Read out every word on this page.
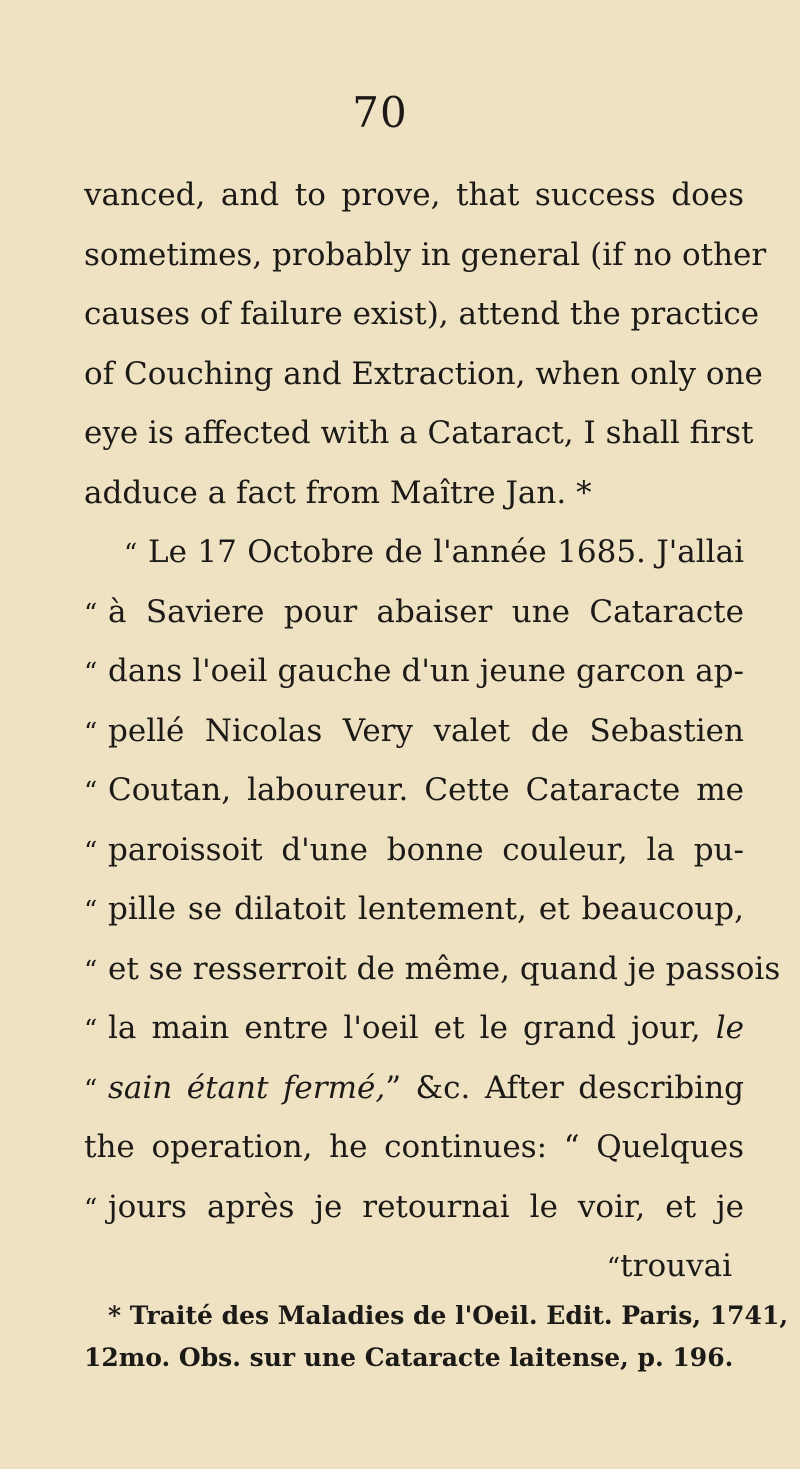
70
vanced, and to prove, that success does
sometimes, probably in general (if no other
causes of failure exist), attend the practice
of Couching and Extraction, when only one
eye is affected with a Cataract, I shall first
adduce a fact from Maître Jan. *
“ Le 17 Octobre de l'année 1685. J'allai
“ à Saviere pour abaiser une Cataracte
“ dans l'oeil gauche d'un jeune garcon ap-
“ pellé Nicolas Very valet de Sebastien
“ Coutan, laboureur. Cette Cataracte me
“ paroissoit d'une bonne couleur, la pu-
“ pille se dilatoit lentement, et beaucoup,
“ et se resserroit de même, quand je passois
“ la main entre l'oeil et le grand jour, le
“ sain étant fermé,” &c. After describing
the operation, he continues: “ Quelques
“ jours après je retournai le voir, et je
“trouvai
* Traité des Maladies de l'Oeil. Edit. Paris, 1741,
12mo. Obs. sur une Cataracte laitense, p. 196.
